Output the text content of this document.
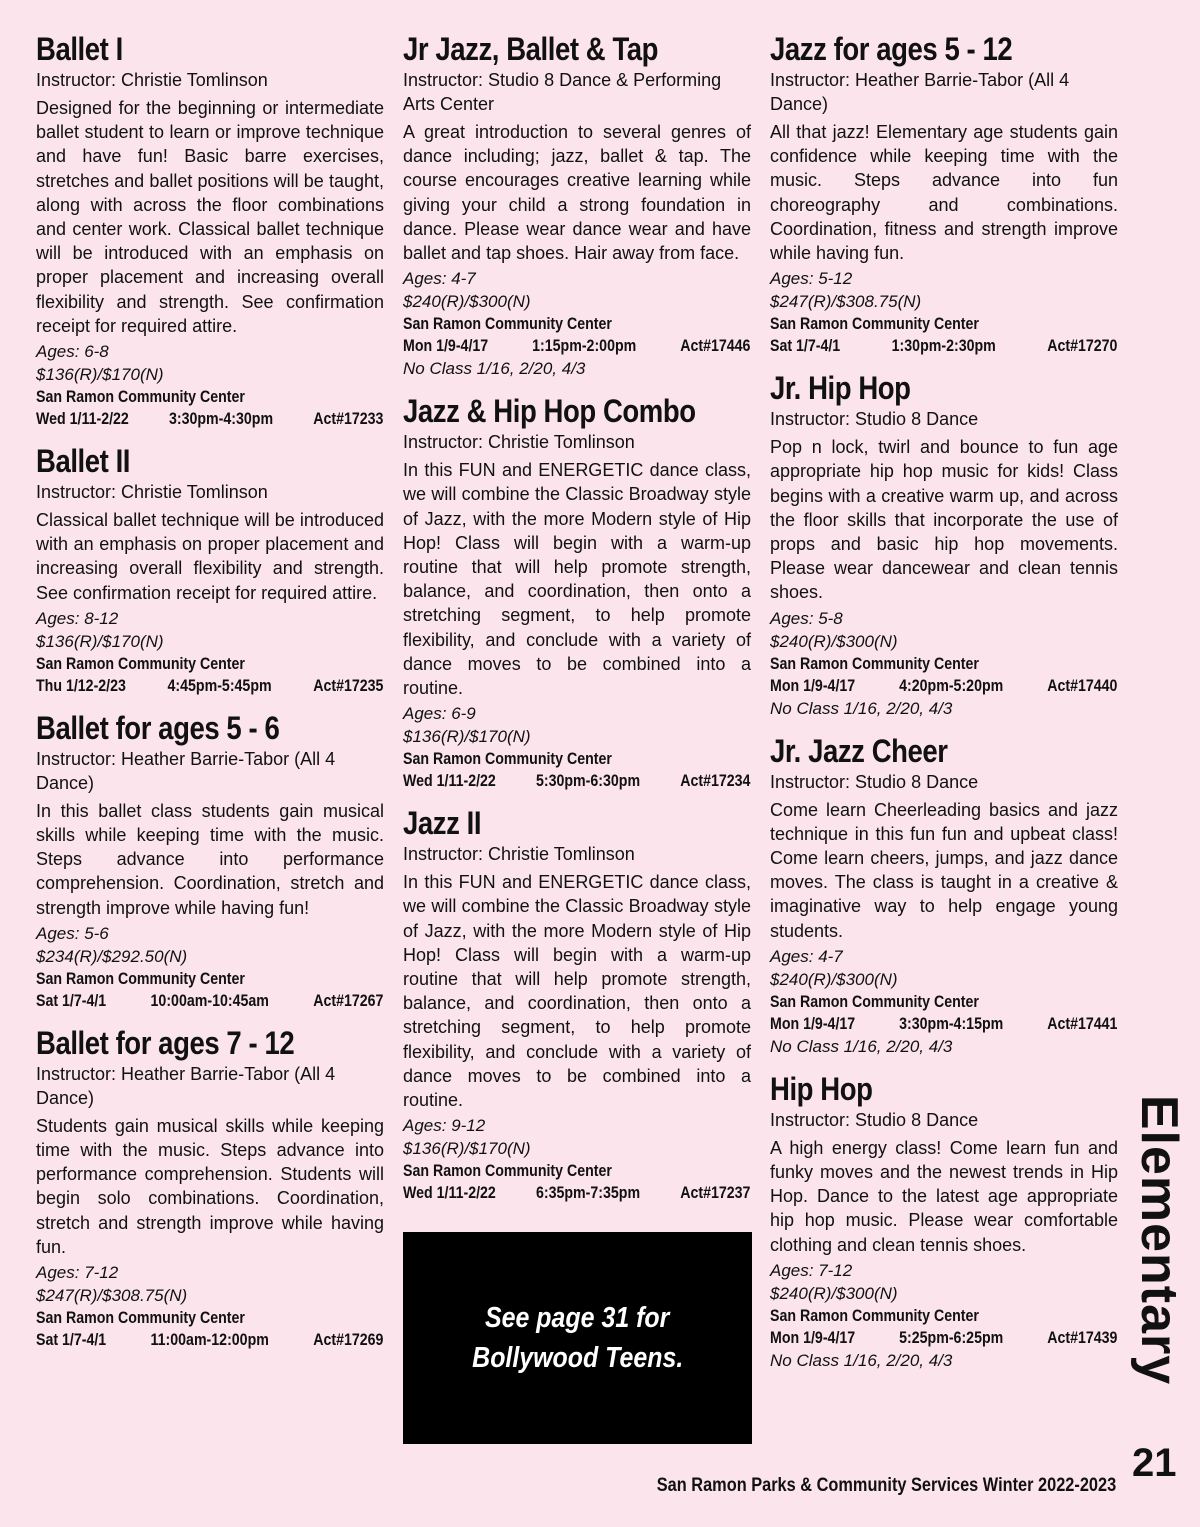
Ballet I
Instructor: Christie Tomlinson
Designed for the beginning or intermediate ballet student to learn or improve technique and have fun! Basic barre exercises, stretches and ballet positions will be taught, along with across the floor combinations and center work. Classical ballet technique will be introduced with an emphasis on proper placement and increasing overall flexibility and strength. See confirmation receipt for required attire.
Ages: 6-8
$136(R)/$170(N)
San Ramon Community Center
Wed 1/11-2/22 3:30pm-4:30pm Act#17233
Ballet II
Instructor: Christie Tomlinson
Classical ballet technique will be introduced with an emphasis on proper placement and increasing overall flexibility and strength. See confirmation receipt for required attire.
Ages: 8-12
$136(R)/$170(N)
San Ramon Community Center
Thu 1/12-2/23	4:45pm-5:45pm	Act#17235
Ballet for ages 5 - 6
Instructor: Heather Barrie-Tabor (All 4 Dance)
In this ballet class students gain musical skills while keeping time with the music. Steps advance into performance comprehension. Coordination, stretch and strength improve while having fun!
Ages: 5-6
$234(R)/$292.50(N)
San Ramon Community Center
Sat 1/7-4/1	10:00am-10:45am	Act#17267
Ballet for ages 7 - 12
Instructor: Heather Barrie-Tabor (All 4 Dance)
Students gain musical skills while keeping time with the music. Steps advance into performance comprehension. Students will begin solo combinations. Coordination, stretch and strength improve while having fun.
Ages: 7-12
$247(R)/$308.75(N)
San Ramon Community Center
Sat 1/7-4/1	11:00am-12:00pm	Act#17269
Jr Jazz, Ballet & Tap
Instructor: Studio 8 Dance & Performing Arts Center
A great introduction to several genres of dance including; jazz, ballet & tap. The course encourages creative learning while giving your child a strong foundation in dance. Please wear dance wear and have ballet and tap shoes. Hair away from face.
Ages: 4-7
$240(R)/$300(N)
San Ramon Community Center
Mon 1/9-4/17	1:15pm-2:00pm	Act#17446
No Class 1/16, 2/20, 4/3
Jazz & Hip Hop Combo
Instructor: Christie Tomlinson
In this FUN and ENERGETIC dance class, we will combine the Classic Broadway style of Jazz, with the more Modern style of Hip Hop! Class will begin with a warm-up routine that will help promote strength, balance, and coordination, then onto a stretching segment, to help promote flexibility, and conclude with a variety of dance moves to be combined into a routine.
Ages: 6-9
$136(R)/$170(N)
San Ramon Community Center
Wed 1/11-2/22 5:30pm-6:30pm Act#17234
Jazz II
Instructor: Christie Tomlinson
In this FUN and ENERGETIC dance class, we will combine the Classic Broadway style of Jazz, with the more Modern style of Hip Hop! Class will begin with a warm-up routine that will help promote strength, balance, and coordination, then onto a stretching segment, to help promote flexibility, and conclude with a variety of dance moves to be combined into a routine.
Ages: 9-12
$136(R)/$170(N)
San Ramon Community Center
Wed 1/11-2/22 6:35pm-7:35pm Act#17237
Jazz for ages 5 - 12
Instructor: Heather Barrie-Tabor (All 4 Dance)
All that jazz! Elementary age students gain confidence while keeping time with the music. Steps advance into fun choreography and combinations. Coordination, fitness and strength improve while having fun.
Ages: 5-12
$247(R)/$308.75(N)
San Ramon Community Center
Sat 1/7-4/1	1:30pm-2:30pm	Act#17270
Jr. Hip Hop
Instructor: Studio 8 Dance
Pop n lock, twirl and bounce to fun age appropriate hip hop music for kids! Class begins with a creative warm up, and across the floor skills that incorporate the use of props and basic hip hop movements. Please wear dancewear and clean tennis shoes.
Ages: 5-8
$240(R)/$300(N)
San Ramon Community Center
Mon 1/9-4/17	4:20pm-5:20pm	Act#17440
No Class 1/16, 2/20, 4/3
Jr. Jazz Cheer
Instructor: Studio 8 Dance
Come learn Cheerleading basics and jazz technique in this fun fun and upbeat class! Come learn cheers, jumps, and jazz dance moves. The class is taught in a creative & imaginative way to help engage young students.
Ages: 4-7
$240(R)/$300(N)
San Ramon Community Center
Mon 1/9-4/17	3:30pm-4:15pm	Act#17441
No Class 1/16, 2/20, 4/3
Hip Hop
Instructor: Studio 8 Dance
A high energy class! Come learn fun and funky moves and the newest trends in Hip Hop. Dance to the latest age appropriate hip hop music. Please wear comfortable clothing and clean tennis shoes.
Ages: 7-12
$240(R)/$300(N)
San Ramon Community Center
Mon 1/9-4/17	5:25pm-6:25pm	Act#17439
No Class 1/16, 2/20, 4/3
See page 31 for
Bollywood Teens.	Elementary
21
San Ramon Parks & Community Services Winter 2022-2023
